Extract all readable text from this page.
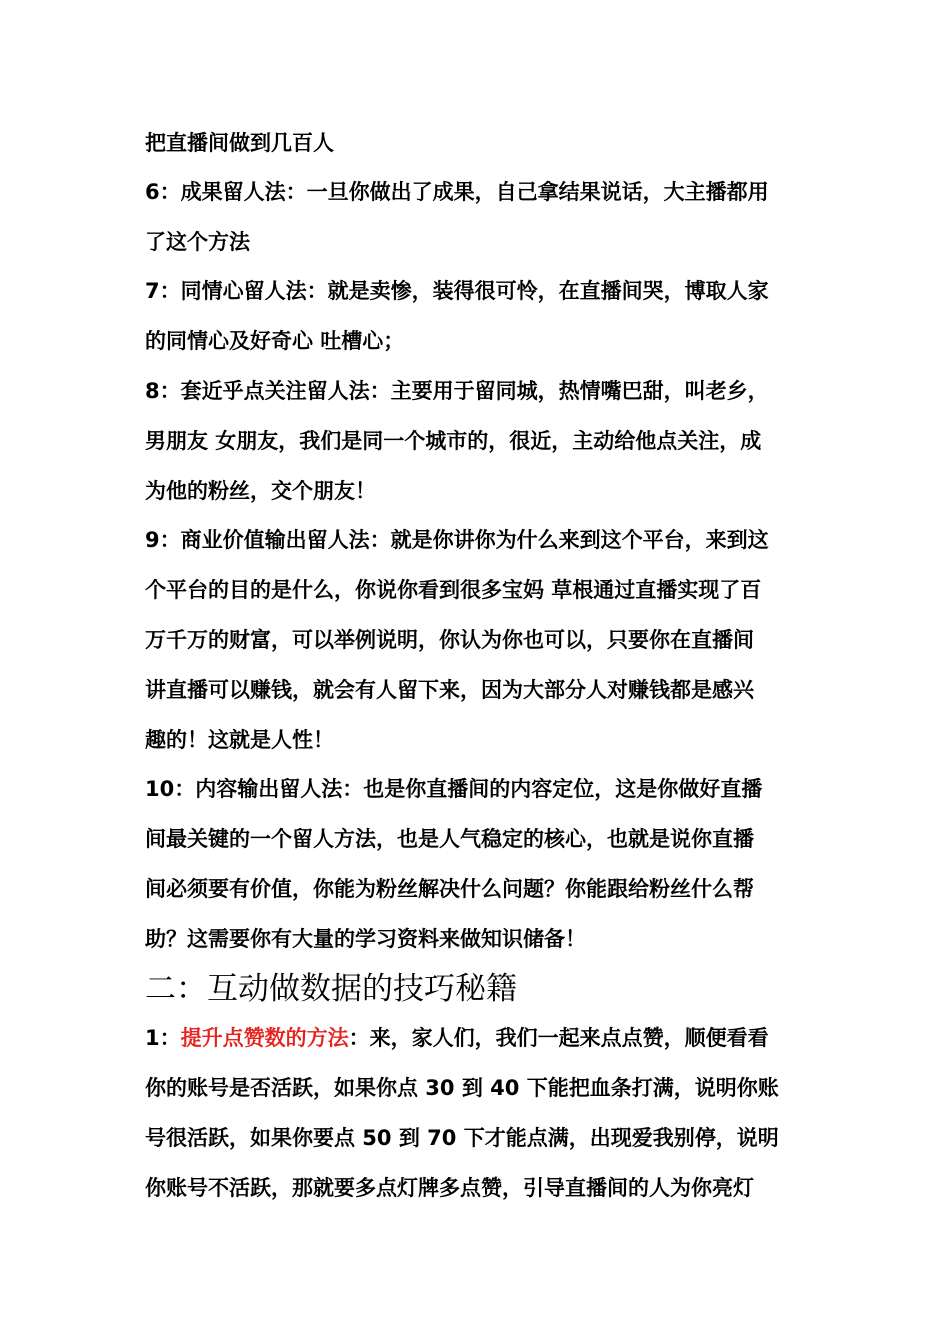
把直播间做到几百人
6：成果留人法：一旦你做出了成果，自己拿结果说话，大主播都用
了这个方法
7：同情心留人法：就是卖惨，装得很可怜，在直播间哭，博取人家
的同情心及好奇心 吐槽心；
8：套近乎点关注留人法：主要用于留同城，热情嘴巴甜，叫老乡，
男朋友 女朋友，我们是同一个城市的，很近，主动给他点关注，成
为他的粉丝，交个朋友！
9：商业价值输出留人法：就是你讲你为什么来到这个平台，来到这
个平台的目的是什么，你说你看到很多宝妈 草根通过直播实现了百
万千万的财富，可以举例说明，你认为你也可以，只要你在直播间
讲直播可以赚钱，就会有人留下来，因为大部分人对赚钱都是感兴
趣的！这就是人性！
10：内容输出留人法：也是你直播间的内容定位，这是你做好直播
间最关键的一个留人方法，也是人气稳定的核心，也就是说你直播
间必须要有价值，你能为粉丝解决什么问题？你能跟给粉丝什么帮
助？这需要你有大量的学习资料来做知识储备！
二：互动做数据的技巧秘籍
1：提升点赞数的方法：来，家人们，我们一起来点点赞，顺便看看
你的账号是否活跃，如果你点 30 到 40 下能把血条打满，说明你账
号很活跃，如果你要点 50 到 70 下才能点满，出现爱我别停，说明
你账号不活跃，那就要多点灯牌多点赞，引导直播间的人为你亮灯
